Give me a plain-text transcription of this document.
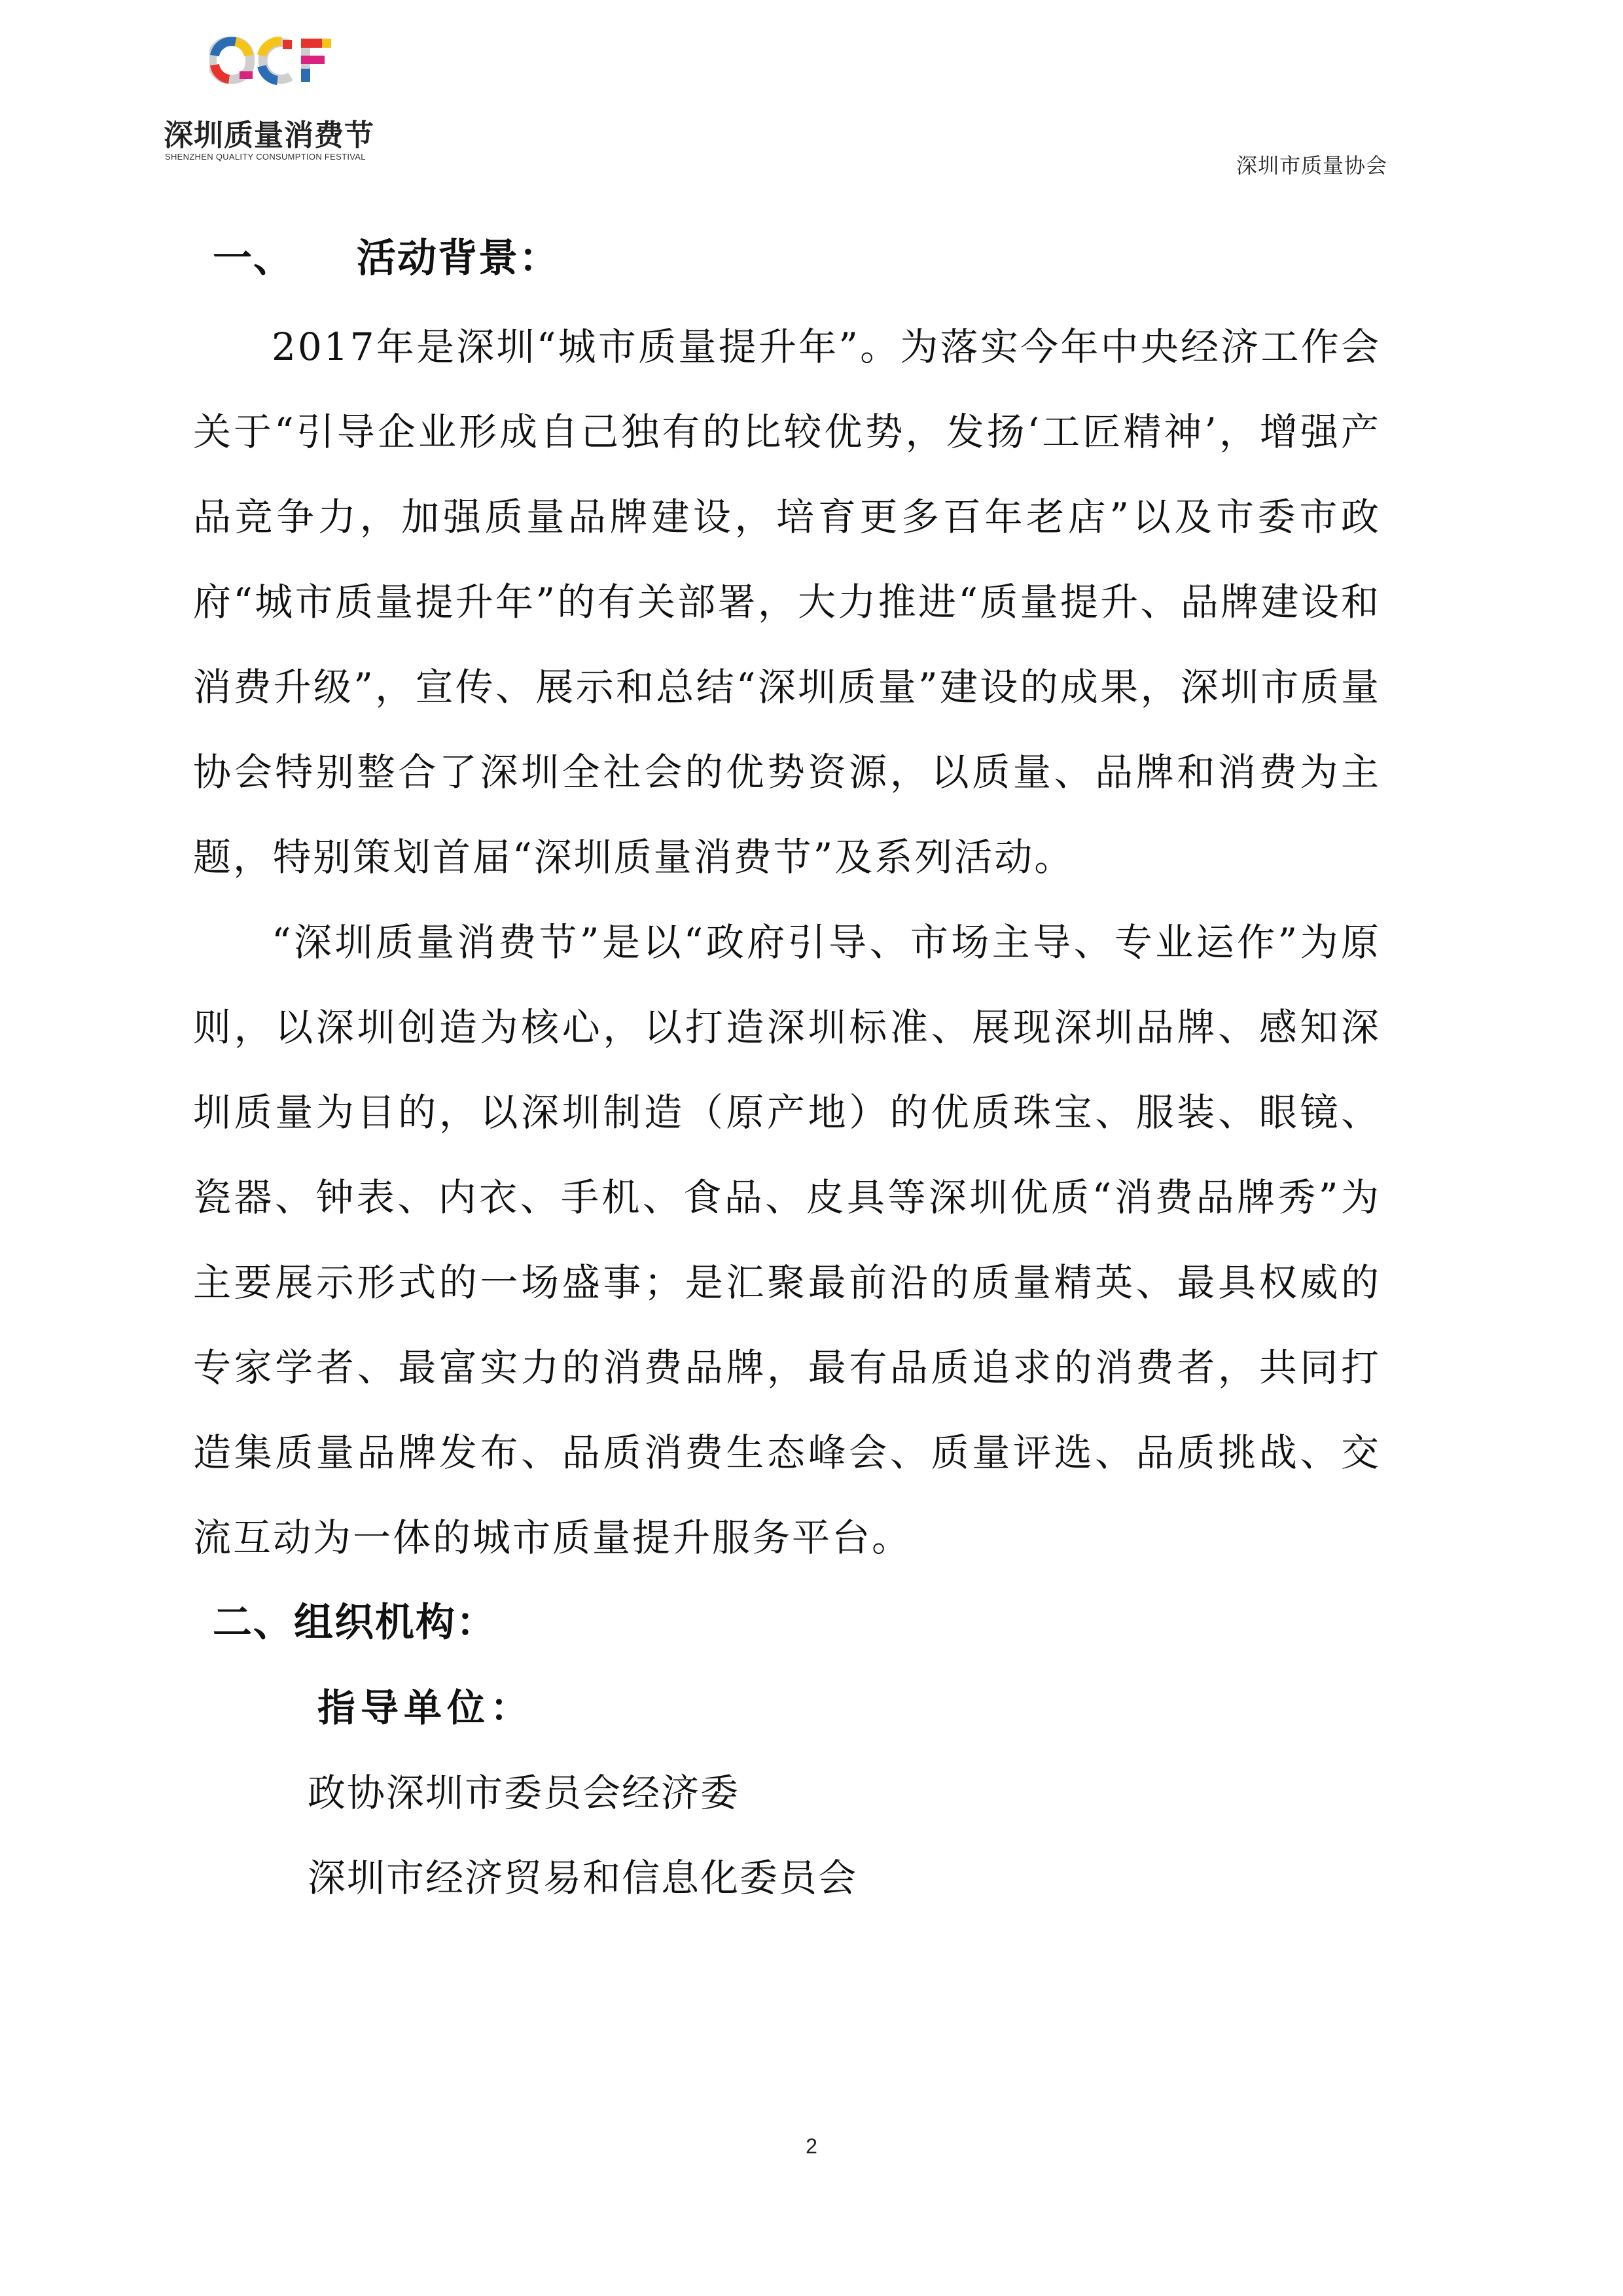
深圳质量消费节
SHENZHEN QUALITY CONSUMPTION FESTIVAL	深圳市质量协会
一、 活动背景：

2017年是深圳“城市质量提升年”。为落实今年中央经济工作会关于“引导企业形成自己独有的比较优势，发扬‘工匠精神’，增强产品竞争力，加强质量品牌建设，培育更多百年老店”以及市委市政府“城市质量提升年”的有关部署，大力推进“质量提升、品牌建设和消费升级”，宣传、展示和总结“深圳质量”建设的成果，深圳市质量协会特别整合了深圳全社会的优势资源，以质量、品牌和消费为主题，特别策划首届“深圳质量消费节”及系列活动。

“深圳质量消费节”是以“政府引导、市场主导、专业运作”为原则，以深圳创造为核心，以打造深圳标准、展现深圳品牌、感知深圳质量为目的，以深圳制造（原产地）的优质珠宝、服装、眼镜、瓷器、钟表、内衣、手机、食品、皮具等深圳优质“消费品牌秀”为主要展示形式的一场盛事；是汇聚最前沿的质量精英、最具权威的专家学者、最富实力的消费品牌，最有品质追求的消费者，共同打造集质量品牌发布、品质消费生态峰会、质量评选、品质挑战、交流互动为一体的城市质量提升服务平台。

二、组织机构：
指导单位：
政协深圳市委员会经济委
深圳市经济贸易和信息化委员会
2
